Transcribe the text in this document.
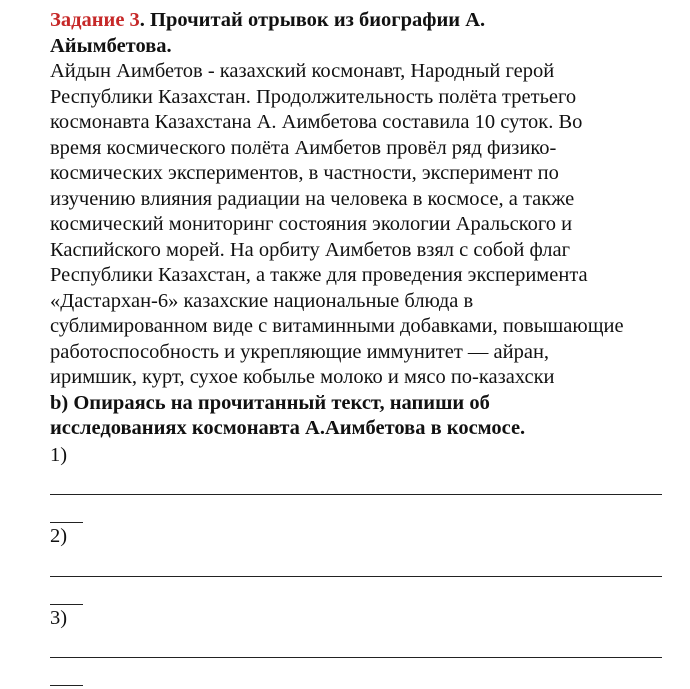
Задание 3. Прочитай отрывок из биографии А.
Айымбетова.
Айдын Аимбетов - казахский космонавт, Народный герой
Республики Казахстан. Продолжительность полёта третьего
космонавта Казахстана А. Аимбетова составила 10 суток. Во
время космического полёта Аимбетов провёл ряд физико-
космических экспериментов, в частности, эксперимент по
изучению влияния радиации на человека в космосе, а также
космический мониторинг состояния экологии Аральского и
Каспийского морей. На орбиту Аимбетов взял с собой флаг
Республики Казахстан, а также для проведения эксперимента
«Дастархан-6» казахские национальные блюда в
сублимированном виде с витаминными добавками, повышающие
работоспособность и укрепляющие иммунитет — айран,
иримшик, курт, сухое кобылье молоко и мясо по-казахски
b) Опираясь на прочитанный текст, напиши об
исследованиях космонавта А.Аимбетова в космосе.
1)
2)
3)
